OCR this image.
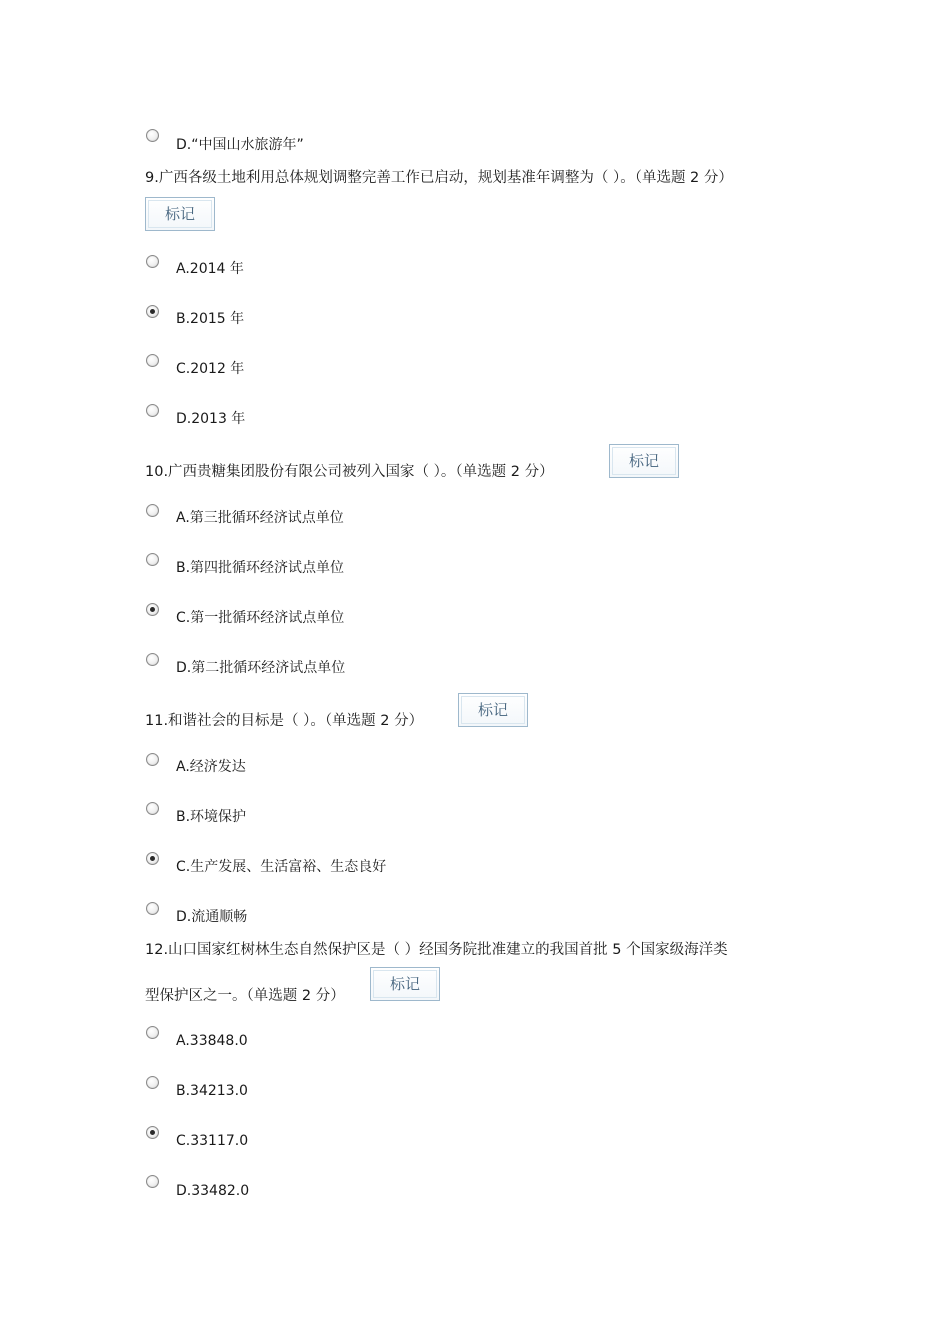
D.“中国山水旅游年”
9.广西各级土地利用总体规划调整完善工作已启动，规划基准年调整为（ ）。（单选题 2 分）
标记
A.2014 年
B.2015 年
C.2012 年
D.2013 年
10.广西贵糖集团股份有限公司被列入国家（ ）。（单选题 2 分）
标记
A.第三批循环经济试点单位
B.第四批循环经济试点单位
C.第一批循环经济试点单位
D.第二批循环经济试点单位
11.和谐社会的目标是（ ）。（单选题 2 分）
标记
A.经济发达
B.环境保护
C.生产发展、生活富裕、生态良好
D.流通顺畅
12.山口国家红树林生态自然保护区是（ ）经国务院批准建立的我国首批 5 个国家级海洋类
型保护区之一。（单选题 2 分）
标记
A.33848.0
B.34213.0
C.33117.0
D.33482.0
